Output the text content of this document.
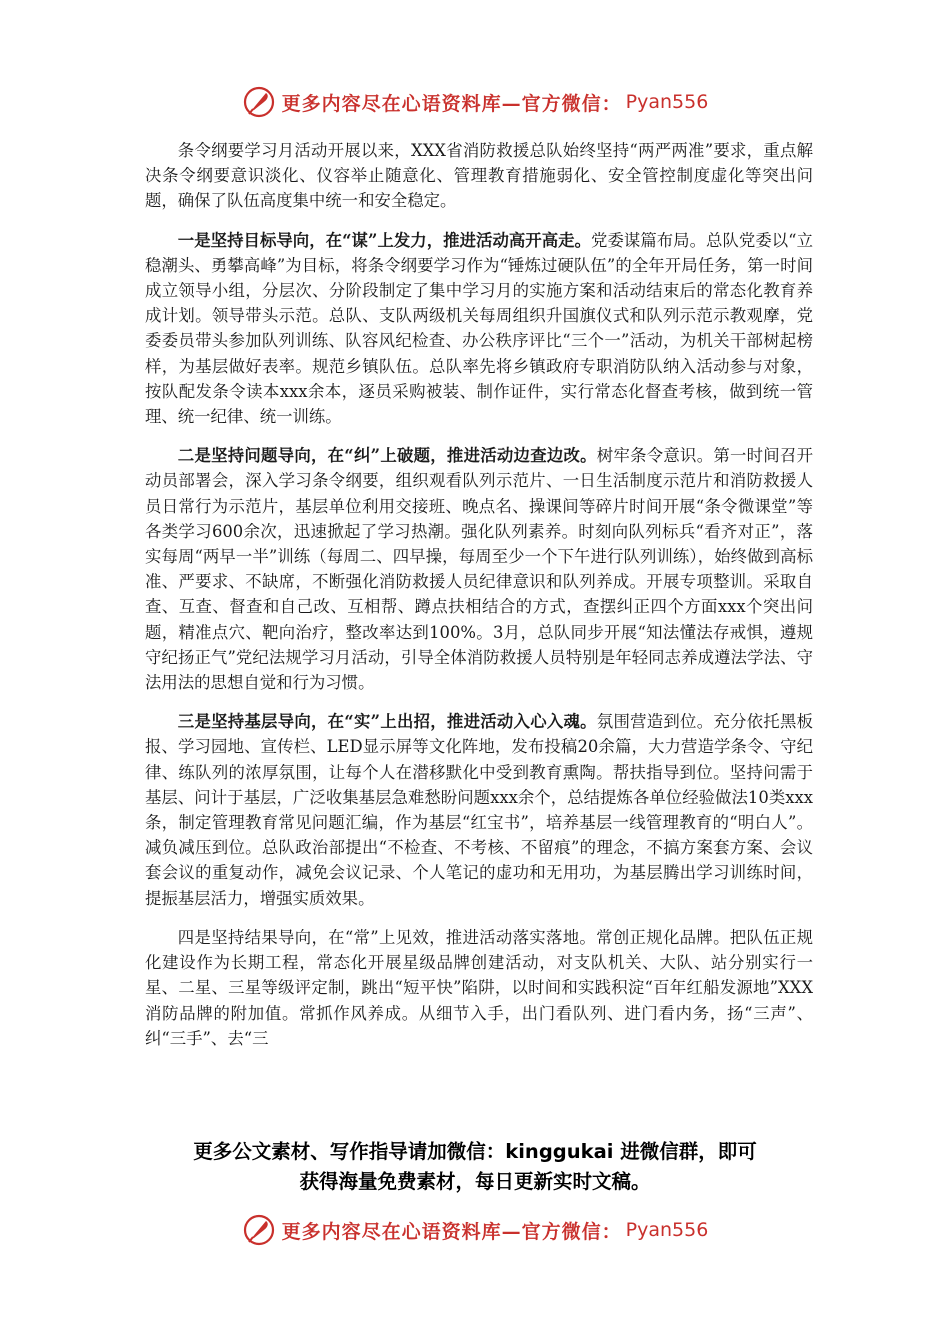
更多内容尽在心语资料库—官方微信： Pyan556

条令纲要学习月活动开展以来，XXX省消防救援总队始终坚持“两严两准”要求，重点解决条令纲要意识淡化、仪容举止随意化、管理教育措施弱化、安全管控制度虚化等突出问题，确保了队伍高度集中统一和安全稳定。

一是坚持目标导向，在“谋”上发力，推进活动高开高走。党委谋篇布局。总队党委以“立稳潮头、勇攀高峰”为目标，将条令纲要学习作为“锤炼过硬队伍”的全年开局任务，第一时间成立领导小组，分层次、分阶段制定了集中学习月的实施方案和活动结束后的常态化教育养成计划。领导带头示范。总队、支队两级机关每周组织升国旗仪式和队列示范示教观摩，党委委员带头参加队列训练、队容风纪检查、办公秩序评比“三个一”活动，为机关干部树起榜样，为基层做好表率。规范乡镇队伍。总队率先将乡镇政府专职消防队纳入活动参与对象，按队配发条令读本xxx余本，逐员采购被装、制作证件，实行常态化督查考核，做到统一管理、统一纪律、统一训练。

二是坚持问题导向，在“纠”上破题，推进活动边查边改。树牢条令意识。第一时间召开动员部署会，深入学习条令纲要，组织观看队列示范片、一日生活制度示范片和消防救援人员日常行为示范片，基层单位利用交接班、晚点名、操课间等碎片时间开展“条令微课堂”等各类学习600余次，迅速掀起了学习热潮。强化队列素养。时刻向队列标兵“看齐对正”，落实每周“两早一半”训练（每周二、四早操，每周至少一个下午进行队列训练），始终做到高标准、严要求、不缺席，不断强化消防救援人员纪律意识和队列养成。开展专项整训。采取自查、互查、督查和自己改、互相帮、蹲点扶相结合的方式，查摆纠正四个方面xxx个突出问题，精准点穴、靶向治疗，整改率达到100%。3月，总队同步开展“知法懂法存戒惧，遵规守纪扬正气”党纪法规学习月活动，引导全体消防救援人员特别是年轻同志养成遵法学法、守法用法的思想自觉和行为习惯。

三是坚持基层导向，在“实”上出招，推进活动入心入魂。氛围营造到位。充分依托黑板报、学习园地、宣传栏、LED显示屏等文化阵地，发布投稿20余篇，大力营造学条令、守纪律、练队列的浓厚氛围，让每个人在潜移默化中受到教育熏陶。帮扶指导到位。坚持问需于基层、问计于基层，广泛收集基层急难愁盼问题xxx余个，总结提炼各单位经验做法10类xxx条，制定管理教育常见问题汇编，作为基层“红宝书”，培养基层一线管理教育的“明白人”。减负减压到位。总队政治部提出“不检查、不考核、不留痕”的理念，不搞方案套方案、会议套会议的重复动作，减免会议记录、个人笔记的虚功和无用功，为基层腾出学习训练时间，提振基层活力，增强实质效果。

四是坚持结果导向，在“常”上见效，推进活动落实落地。常创正规化品牌。把队伍正规化建设作为长期工程，常态化开展星级品牌创建活动，对支队机关、大队、站分别实行一星、二星、三星等级评定制，跳出“短平快”陷阱，以时间和实践积淀“百年红船发源地”XXX消防品牌的附加值。常抓作风养成。从细节入手，出门看队列、进门看内务，扬“三声”、纠“三手”、去“三

更多公文素材、写作指导请加微信：kinggukai 进微信群，即可
获得海量免费素材，每日更新实时文稿。
更多内容尽在心语资料库—官方微信： Pyan556
